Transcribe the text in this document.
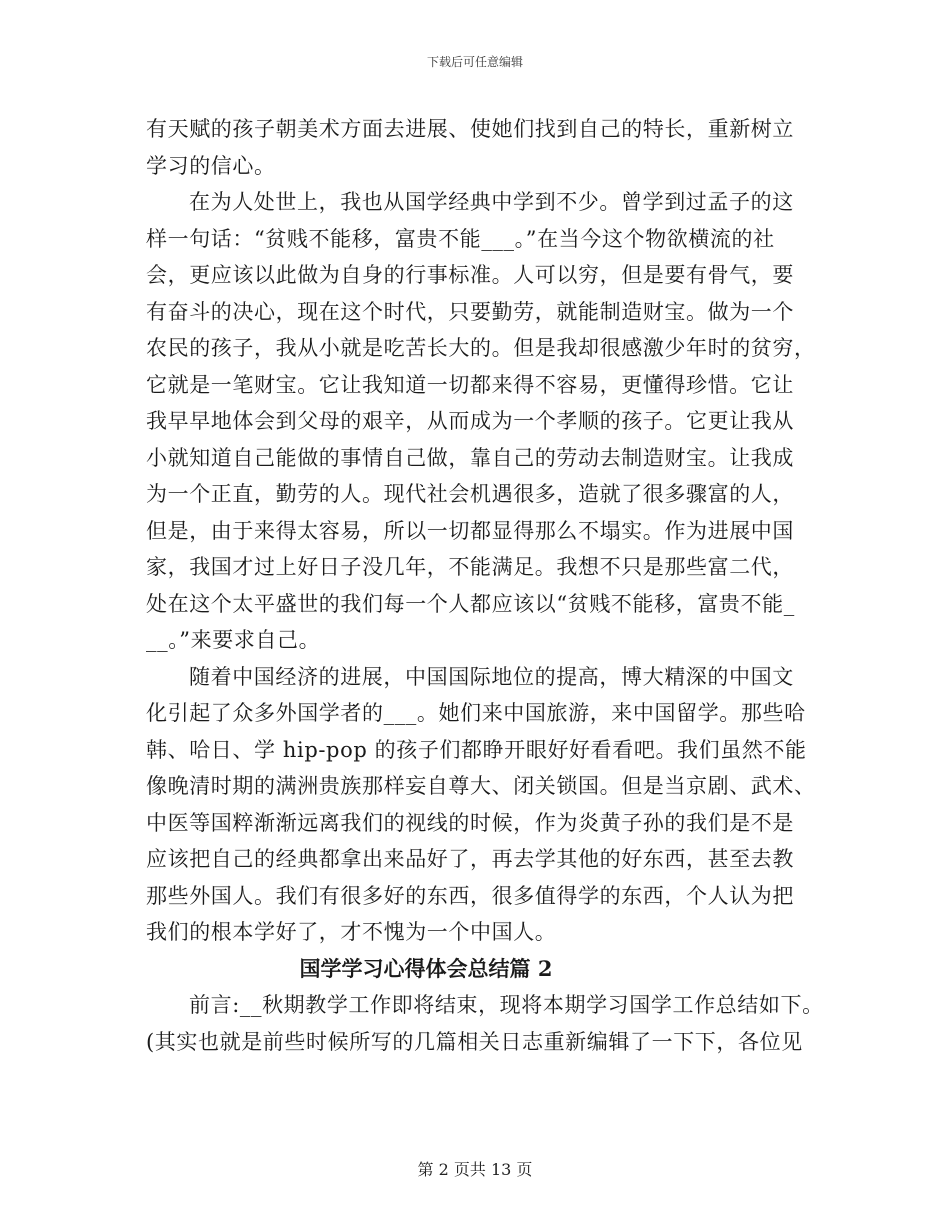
下载后可任意编辑
有天赋的孩子朝美术方面去进展、使她们找到自己的特长，重新树立
学习的信心。
在为人处世上，我也从国学经典中学到不少。曾学到过孟子的这
样一句话：“贫贱不能移，富贵不能___。”在当今这个物欲横流的社
会，更应该以此做为自身的行事标准。人可以穷，但是要有骨气，要
有奋斗的决心，现在这个时代，只要勤劳，就能制造财宝。做为一个
农民的孩子，我从小就是吃苦长大的。但是我却很感激少年时的贫穷，
它就是一笔财宝。它让我知道一切都来得不容易，更懂得珍惜。它让
我早早地体会到父母的艰辛，从而成为一个孝顺的孩子。它更让我从
小就知道自己能做的事情自己做，靠自己的劳动去制造财宝。让我成
为一个正直，勤劳的人。现代社会机遇很多，造就了很多骤富的人，
但是，由于来得太容易，所以一切都显得那么不塌实。作为进展中国
家，我国才过上好日子没几年，不能满足。我想不只是那些富二代，
处在这个太平盛世的我们每一个人都应该以“贫贱不能移，富贵不能_
__。”来要求自己。
随着中国经济的进展，中国国际地位的提高，博大精深的中国文
化引起了众多外国学者的___。她们来中国旅游，来中国留学。那些哈
韩、哈日、学 hip-pop 的孩子们都睁开眼好好看看吧。我们虽然不能
像晚清时期的满洲贵族那样妄自尊大、闭关锁国。但是当京剧、武术、
中医等国粹渐渐远离我们的视线的时候，作为炎黄子孙的我们是不是
应该把自己的经典都拿出来品好了，再去学其他的好东西，甚至去教
那些外国人。我们有很多好的东西，很多值得学的东西，个人认为把
我们的根本学好了，才不愧为一个中国人。
国学学习心得体会总结篇 2
前言:__秋期教学工作即将结束，现将本期学习国学工作总结如下。
(其实也就是前些时候所写的几篇相关日志重新编辑了一下下，各位见
第 2 页共 13 页
